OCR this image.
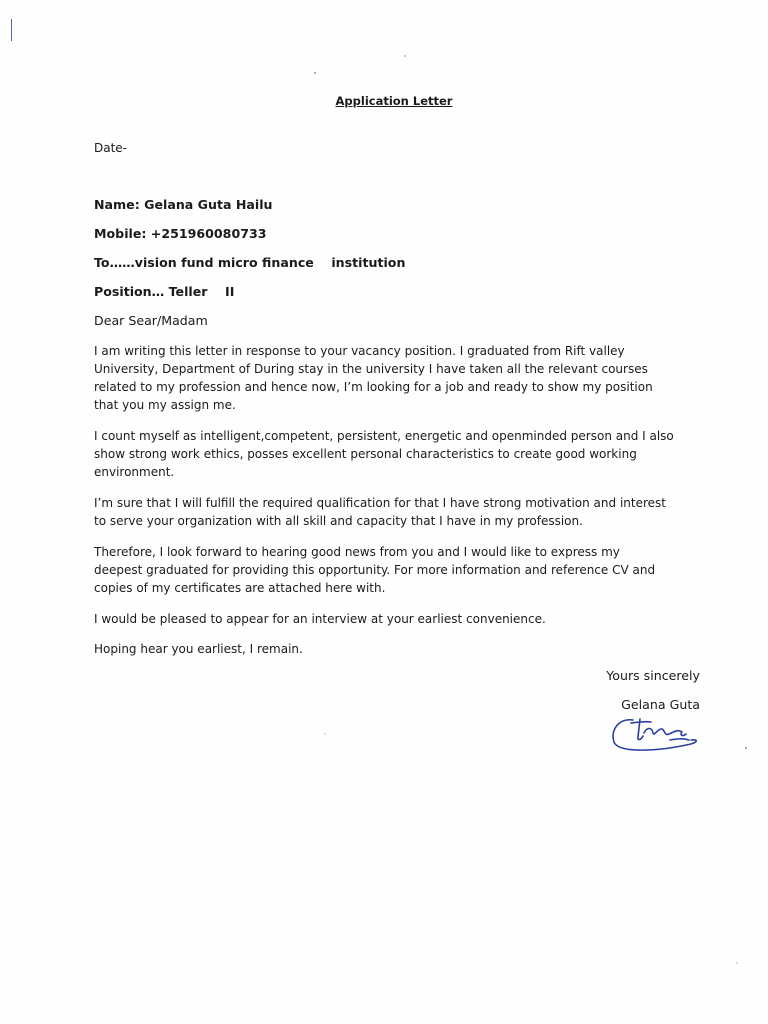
Application Letter
Date-
Name: Gelana Guta Hailu
Mobile: +251960080733
To……vision fund micro finance    institution
Position… Teller    II
Dear Sear/Madam
I am writing this letter in response to your vacancy position. I graduated from Rift valley
University, Department of During stay in the university I have taken all the relevant courses
related to my profession and hence now, I’m looking for a job and ready to show my position
that you my assign me.
I count myself as intelligent,competent, persistent, energetic and openminded person and I also
show strong work ethics, posses excellent personal characteristics to create good working
environment.
I’m sure that I will fulfill the required qualification for that I have strong motivation and interest
to serve your organization with all skill and capacity that I have in my profession.
Therefore, I look forward to hearing good news from you and I would like to express my
deepest graduated for providing this opportunity. For more information and reference CV and
copies of my certificates are attached here with.
I would be pleased to appear for an interview at your earliest convenience.
Hoping hear you earliest, I remain.
Yours sincerely
Gelana Guta
